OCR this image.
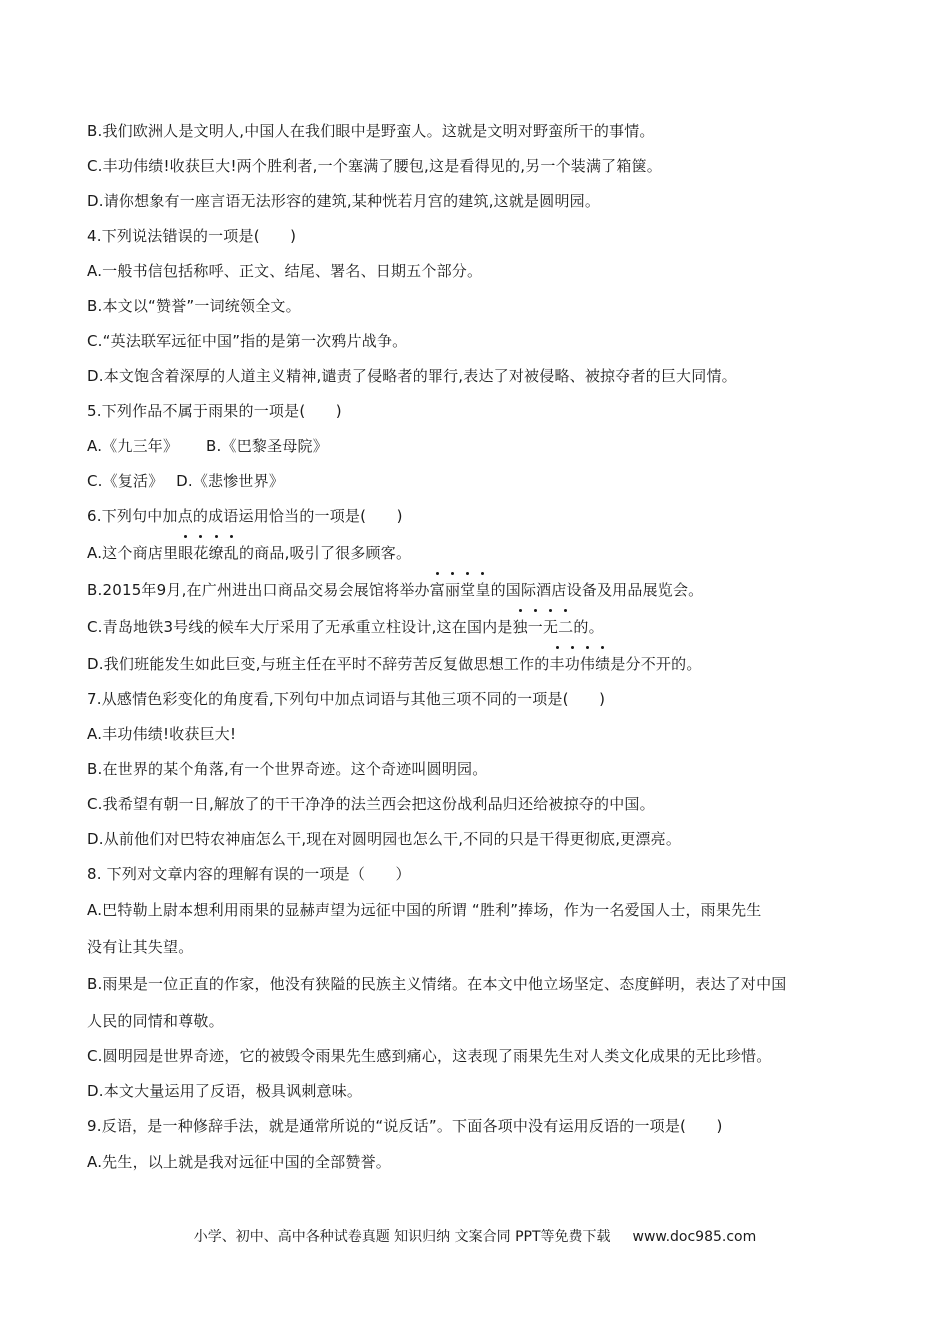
B.我们欧洲人是文明人,中国人在我们眼中是野蛮人。这就是文明对野蛮所干的事情。
C.丰功伟绩!收获巨大!两个胜利者,一个塞满了腰包,这是看得见的,另一个装满了箱箧。
D.请你想象有一座言语无法形容的建筑,某种恍若月宫的建筑,这就是圆明园。
4.下列说法错误的一项是(　　)
A.一般书信包括称呼、正文、结尾、署名、日期五个部分。
B.本文以“赞誉”一词统领全文。
C.“英法联军远征中国”指的是第一次鸦片战争。
D.本文饱含着深厚的人道主义精神,谴责了侵略者的罪行,表达了对被侵略、被掠夺者的巨大同情。
5.下列作品不属于雨果的一项是(　　)
A.《九三年》　　 B.《巴黎圣母院》
C.《复活》　 D.《悲惨世界》
6.下列句中加点的成语运用恰当的一项是(　　)
A.这个商店里眼花缭乱的商品,吸引了很多顾客。
B.2015年9月,在广州进出口商品交易会展馆将举办富丽堂皇的国际酒店设备及用品展览会。
C.青岛地铁3号线的候车大厅采用了无承重立柱设计,这在国内是独一无二的。
D.我们班能发生如此巨变,与班主任在平时不辞劳苦反复做思想工作的丰功伟绩是分不开的。
7.从感情色彩变化的角度看,下列句中加点词语与其他三项不同的一项是(　　)
A.丰功伟绩!收获巨大!
B.在世界的某个角落,有一个世界奇迹。这个奇迹叫圆明园。
C.我希望有朝一日,解放了的干干净净的法兰西会把这份战利品归还给被掠夺的中国。
D.从前他们对巴特农神庙怎么干,现在对圆明园也怎么干,不同的只是干得更彻底,更漂亮。
8. 下列对文章内容的理解有误的一项是（　　）
A.巴特勒上尉本想利用雨果的显赫声望为远征中国的所谓 “胜利”捧场，作为一名爱国人士，雨果先生
没有让其失望。
B.雨果是一位正直的作家，他没有狭隘的民族主义情绪。在本文中他立场坚定、态度鲜明，表达了对中国
人民的同情和尊敬。
C.圆明园是世界奇迹，它的被毁令雨果先生感到痛心，这表现了雨果先生对人类文化成果的无比珍惜。
D.本文大量运用了反语，极具讽刺意味。
9.反语，是一种修辞手法，就是通常所说的“说反话”。下面各项中没有运用反语的一项是(　　)
A.先生，以上就是我对远征中国的全部赞誉。
小学、初中、高中各种试卷真题 知识归纳 文案合同 PPT等免费下载 www.doc985.com
